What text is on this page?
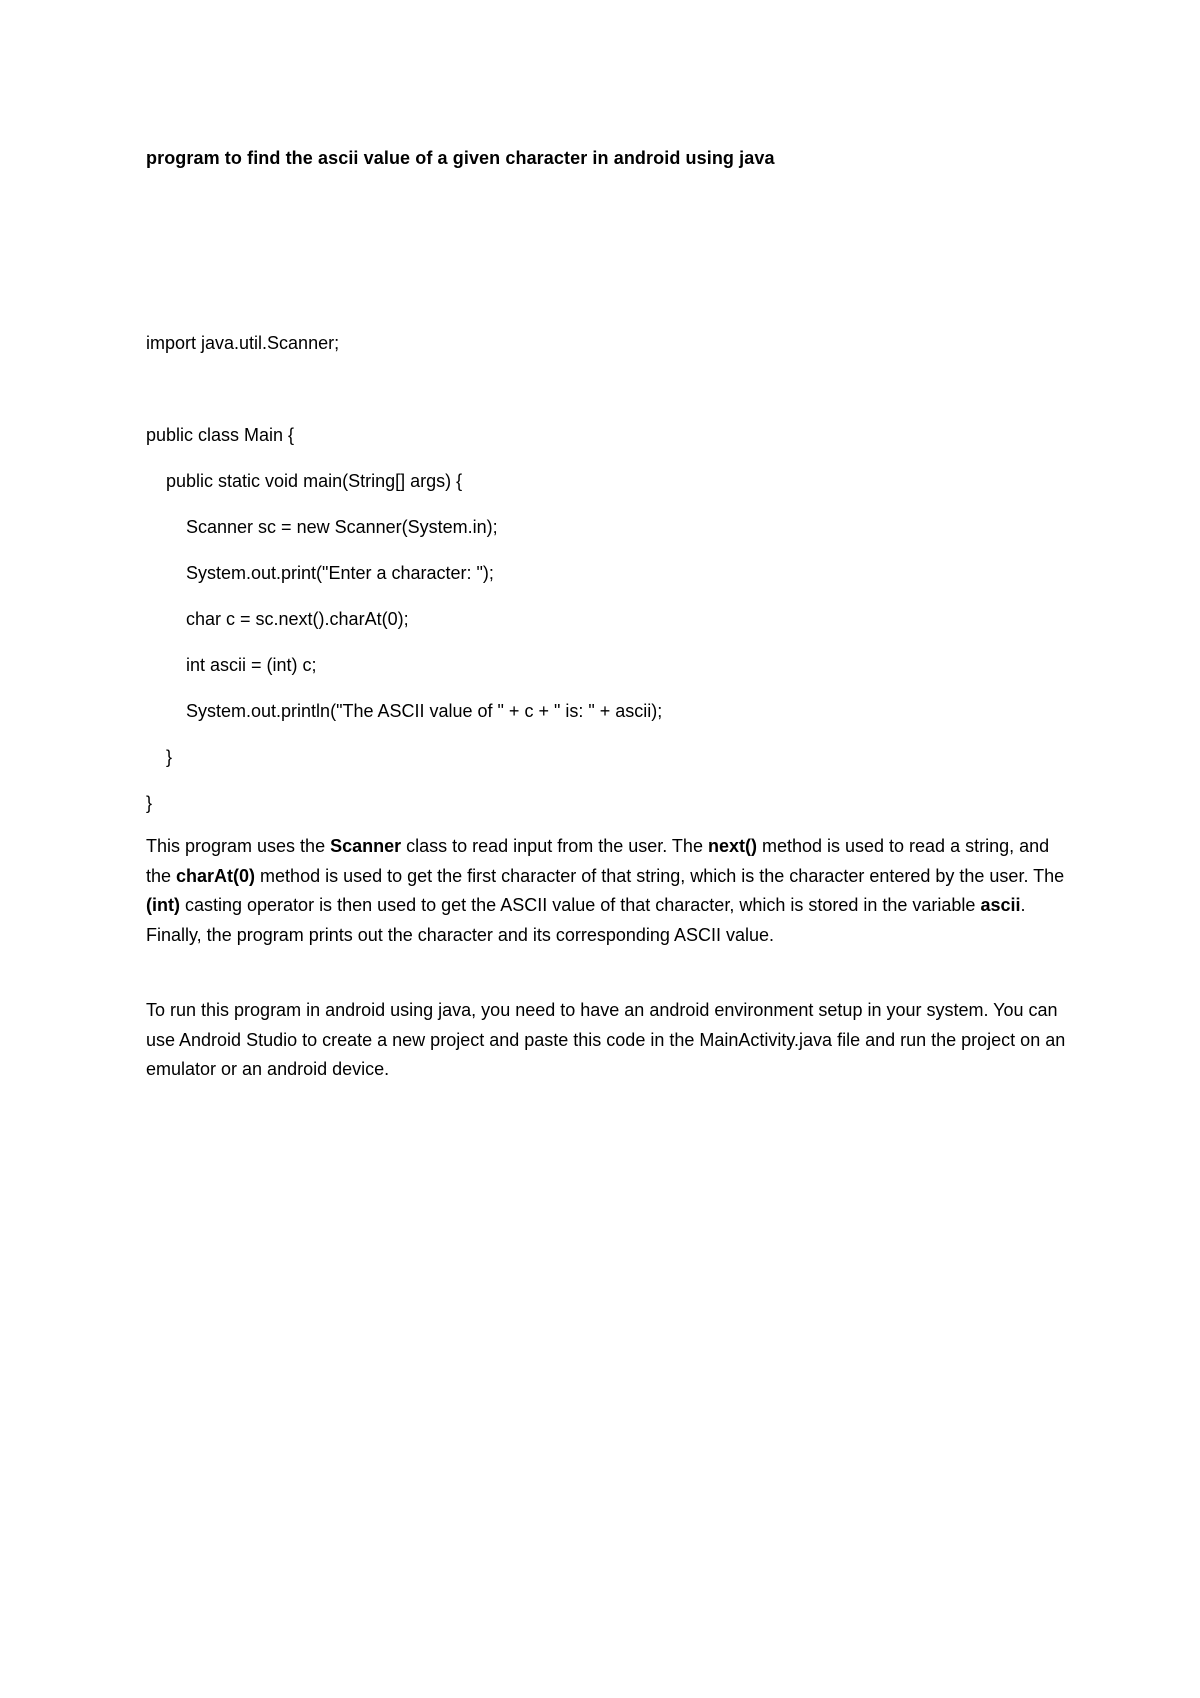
program to find the ascii value of a given character in android using java
import java.util.Scanner;
public class Main {
public static void main(String[] args) {
Scanner sc = new Scanner(System.in);
System.out.print("Enter a character: ");
char c = sc.next().charAt(0);
int ascii = (int) c;
System.out.println("The ASCII value of " + c + " is: " + ascii);
}
}

This program uses the Scanner class to read input from the user. The next() method is used to read a string, and the charAt(0) method is used to get the first character of that string, which is the character entered by the user. The (int) casting operator is then used to get the ASCII value of that character, which is stored in the variable ascii. Finally, the program prints out the character and its corresponding ASCII value.

To run this program in android using java, you need to have an android environment setup in your system. You can use Android Studio to create a new project and paste this code in the MainActivity.java file and run the project on an emulator or an android device.
